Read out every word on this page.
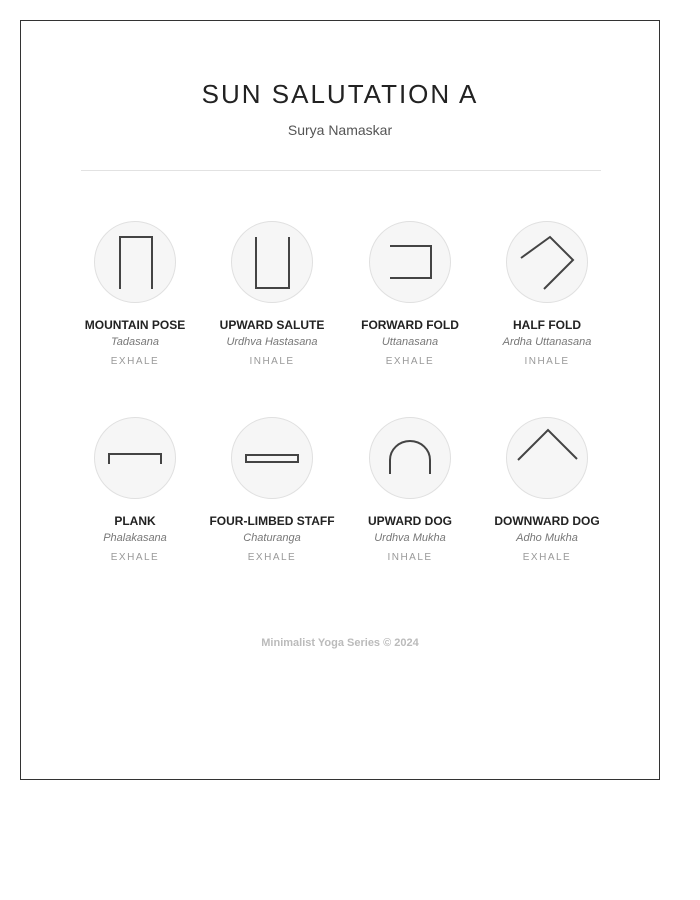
SUN SALUTATION A

Surya Namaskar

MOUNTAIN POSE
Tadasana
EXHALE
UPWARD SALUTE
Urdhva Hastasana
INHALE
FORWARD FOLD
Uttanasana
EXHALE
HALF FOLD
Ardha Uttanasana
INHALE
PLANK
Phalakasana
EXHALE
FOUR-LIMBED STAFF
Chaturanga
EXHALE
UPWARD DOG
Urdhva Mukha
INHALE
DOWNWARD DOG
Adho Mukha
EXHALE
Minimalist Yoga Series © 2024
